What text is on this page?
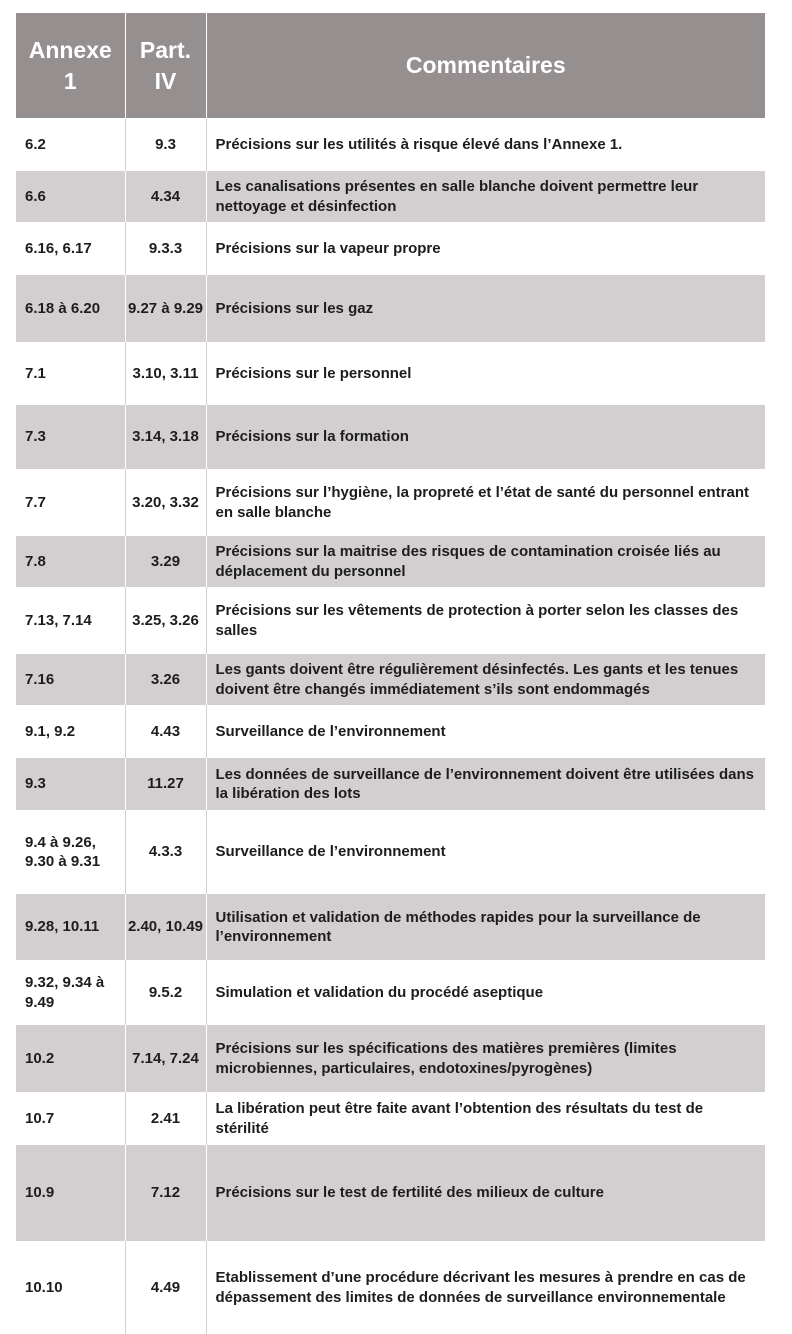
Annexe 1	Part. IV	Commentaires
6.2	9.3	Précisions sur les utilités à risque élevé dans l’Annexe 1.
6.6	4.34	Les canalisations présentes en salle blanche doivent permettre leur nettoyage et désinfection
6.16, 6.17	9.3.3	Précisions sur la vapeur propre
6.18 à 6.20	9.27 à 9.29	Précisions sur les gaz
7.1	3.10, 3.11	Précisions sur le personnel
7.3	3.14, 3.18	Précisions sur la formation
7.7	3.20, 3.32	Précisions sur l’hygiène, la propreté et l’état de santé du personnel entrant en salle blanche
7.8	3.29	Précisions sur la maitrise des risques de contamination croisée liés au déplacement du personnel
7.13, 7.14	3.25, 3.26	Précisions sur les vêtements de protection à porter selon les classes des salles
7.16	3.26	Les gants doivent être régulièrement désinfectés. Les gants et les tenues doivent être changés immédiatement s’ils sont endommagés
9.1, 9.2	4.43	Surveillance de l’environnement
9.3	11.27	Les données de surveillance de l’environnement doivent être utilisées dans la libération des lots
9.4 à 9.26, 9.30 à 9.31	4.3.3	Surveillance de l’environnement
9.28, 10.11	2.40, 10.49	Utilisation et validation de méthodes rapides pour la surveillance de l’environnement
9.32, 9.34 à 9.49	9.5.2	Simulation et validation du procédé aseptique
10.2	7.14, 7.24	Précisions sur les spécifications des matières premières (limites microbiennes, particulaires, endotoxines/pyrogènes)
10.7	2.41	La libération peut être faite avant l’obtention des résultats du test de stérilité
10.9	7.12	Précisions sur le test de fertilité des milieux de culture
10.10	4.49	Etablissement d’une procédure décrivant les mesures à prendre en cas de dépassement des limites de données de surveillance environnementale
